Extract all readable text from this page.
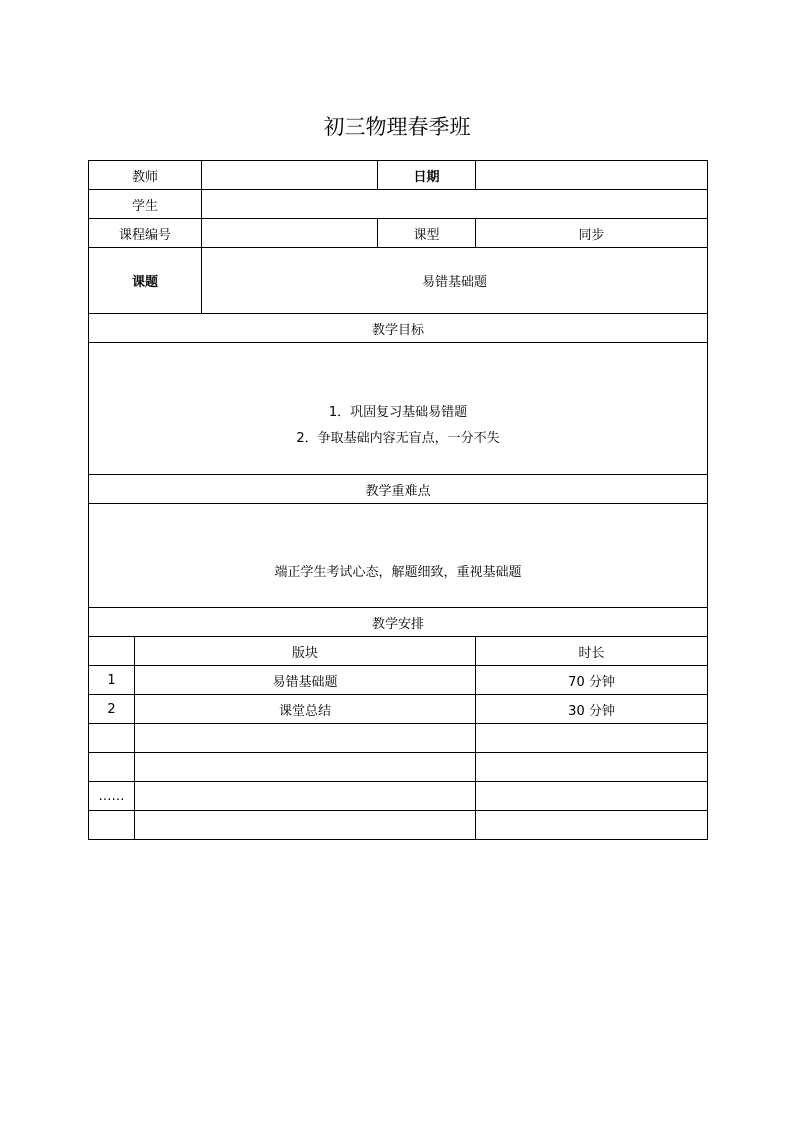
初三物理春季班
教师			日期	
学生				
课程编号			课型	同步
课题		易错基础题		
教学目标				

1．巩固复习基础易错题
2．争取基础内容无盲点，一分不失				

教学重难点				

端正学生考试心态，解题细致，重视基础题				

教学安排				
	版块			时长
1	易错基础题			70 分钟
2	课堂总结			30 分钟

……				
